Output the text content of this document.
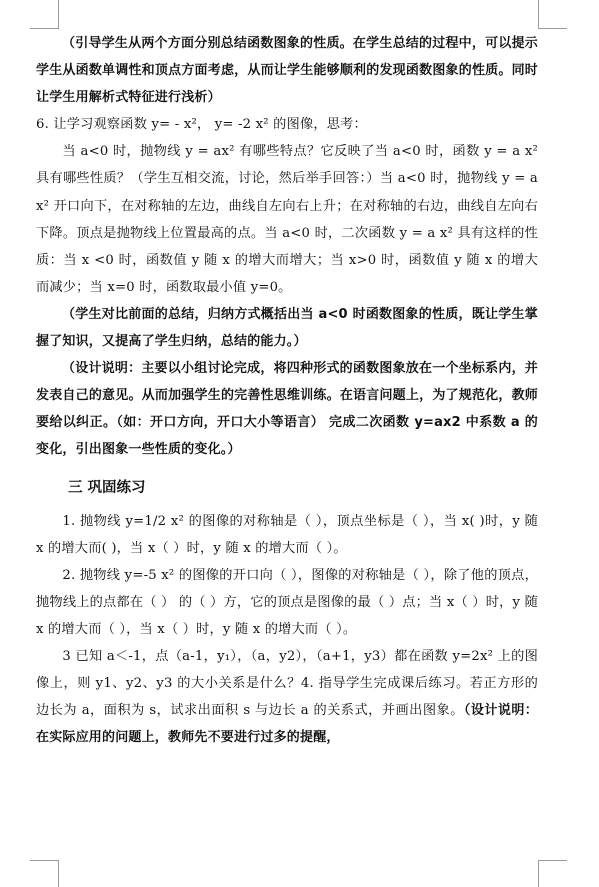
（引导学生从两个方面分别总结函数图象的性质。在学生总结的过程中，可以提示学生从函数单调性和顶点方面考虑，从而让学生能够顺利的发现函数图象的性质。同时让学生用解析式特征进行浅析）

6. 让学习观察函数 y= - x²， y= -2 x² 的图像，思考：

当 a<0 时，抛物线 y = ax² 有哪些特点？它反映了当 a<0 时，函数 y = a x² 具有哪些性质？（学生互相交流，讨论，然后举手回答：）当 a<0 时，抛物线 y = a x² 开口向下，在对称轴的左边，曲线自左向右上升；在对称轴的右边，曲线自左向右下降。顶点是抛物线上位置最高的点。当 a<0 时，二次函数 y = a x² 具有这样的性质：当 x <0 时，函数值 y 随 x 的增大而增大；当 x>0 时，函数值 y 随 x 的增大而减少；当 x=0 时，函数取最小值 y=0。

（学生对比前面的总结，归纳方式概括出当 a<0 时函数图象的性质，既让学生掌握了知识，又提高了学生归纳，总结的能力。）

（设计说明：主要以小组讨论完成，将四种形式的函数图象放在一个坐标系内，并发表自己的意见。从而加强学生的完善性思维训练。在语言问题上，为了规范化，教师要给以纠正。（如：开口方向，开口大小等语言） 完成二次函数 y=ax2 中系数 a 的变化，引出图象一些性质的变化。）

三 巩固练习

1. 抛物线 y=1/2 x² 的图像的对称轴是（ ），顶点坐标是（ ），当 x( )时，y 随 x 的增大而( )，当 x（ ）时，y 随 x 的增大而（ ）。

2. 抛物线 y=-5 x² 的图像的开口向（ ），图像的对称轴是（ ），除了他的顶点，抛物线上的点都在（ ） 的（ ）方，它的顶点是图像的最（ ）点；当 x（ ）时，y 随 x 的增大而（ ），当 x（ ）时，y 随 x 的增大而（ ）。

3 已知 a＜-1，点（a-1，y₁），（a，y2），（a+1，y3）都在函数 y=2x² 上的图像上，则 y1、y2、y3 的大小关系是什么？4. 指导学生完成课后练习。若正方形的边长为 a，面积为 s，试求出面积 s 与边长 a 的关系式，并画出图象。（设计说明：在实际应用的问题上，教师先不要进行过多的提醒，
